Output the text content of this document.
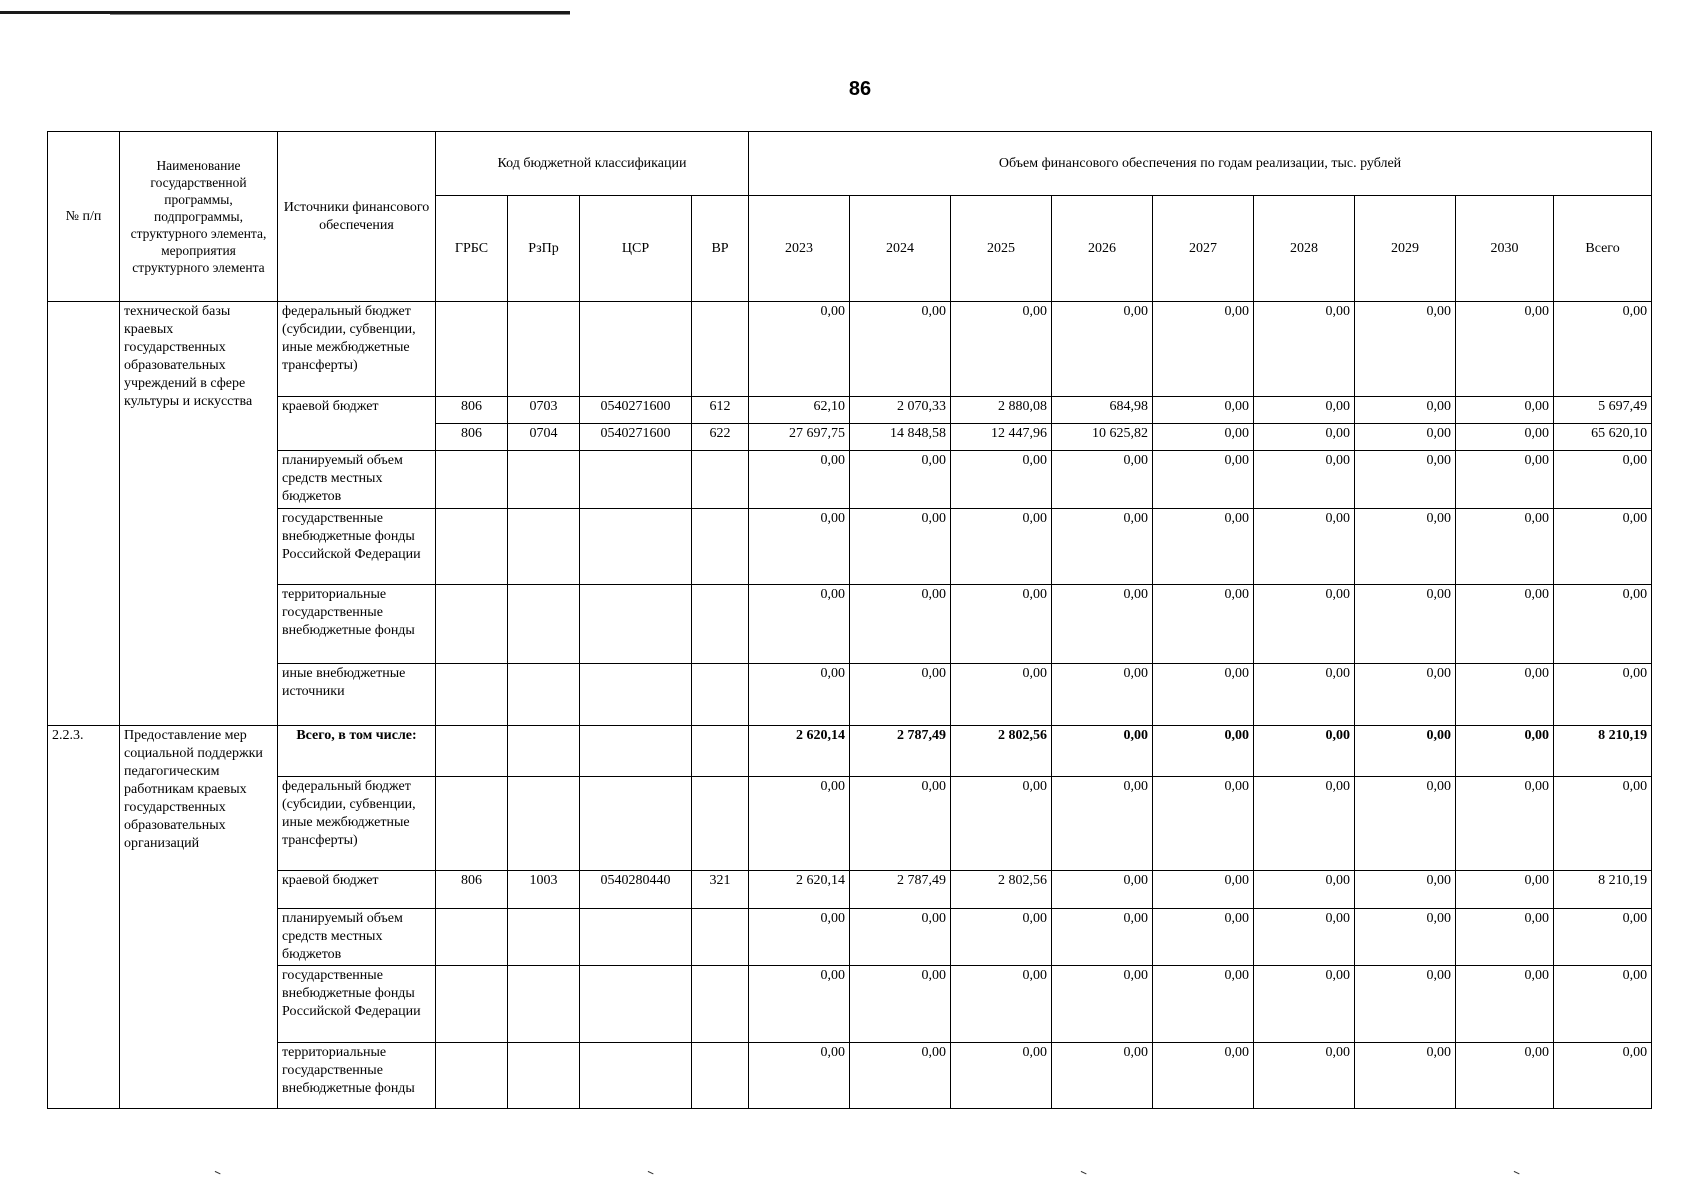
86
№ п/п	Наименование государственной программы, подпрограммы, структурного элемента, мероприятия структурного элемента	Источники финансового обеспечения	Код бюджетной классификации				Объем финансового обеспечения по годам реализации, тыс. рублей								
			ГРБС	РзПр	ЦСР	ВР	2023	2024	2025	2026	2027	2028	2029	2030	Всего
	технической базы краевых государственных образовательных учреждений в сфере культуры и искусства	федеральный бюджет (субсидии, субвенции, иные межбюджетные трансферты)					0,00	0,00	0,00	0,00	0,00	0,00	0,00	0,00	0,00
		краевой бюджет	806	0703	0540271600	612	62,10	2 070,33	2 880,08	684,98	0,00	0,00	0,00	0,00	5 697,49
			806	0704	0540271600	622	27 697,75	14 848,58	12 447,96	10 625,82	0,00	0,00	0,00	0,00	65 620,10
		планируемый объем средств местных бюджетов					0,00	0,00	0,00	0,00	0,00	0,00	0,00	0,00	0,00
		государственные внебюджетные фонды Российской Федерации					0,00	0,00	0,00	0,00	0,00	0,00	0,00	0,00	0,00
		территориальные государственные внебюджетные фонды					0,00	0,00	0,00	0,00	0,00	0,00	0,00	0,00	0,00
		иные внебюджетные источники					0,00	0,00	0,00	0,00	0,00	0,00	0,00	0,00	0,00
2.2.3.	Предоставление мер социальной поддержки педагогическим работникам краевых государственных образовательных организаций	Всего, в том числе:					2 620,14	2 787,49	2 802,56	0,00	0,00	0,00	0,00	0,00	8 210,19
		федеральный бюджет (субсидии, субвенции, иные межбюджетные трансферты)					0,00	0,00	0,00	0,00	0,00	0,00	0,00	0,00	0,00
		краевой бюджет	806	1003	0540280440	321	2 620,14	2 787,49	2 802,56	0,00	0,00	0,00	0,00	0,00	8 210,19
		планируемый объем средств местных бюджетов					0,00	0,00	0,00	0,00	0,00	0,00	0,00	0,00	0,00
		государственные внебюджетные фонды Российской Федерации					0,00	0,00	0,00	0,00	0,00	0,00	0,00	0,00	0,00
		территориальные государственные внебюджетные фонды					0,00	0,00	0,00	0,00	0,00	0,00	0,00	0,00	0,00
